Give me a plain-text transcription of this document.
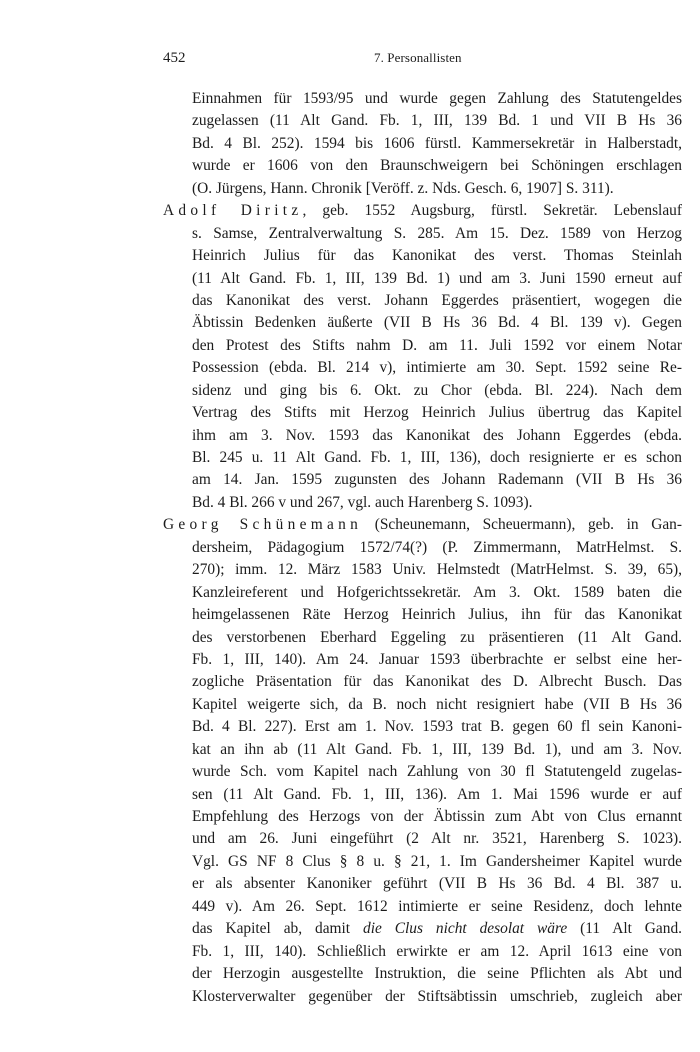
452	7. Personallisten
Einnahmen für 1593/95 und wurde gegen Zahlung des Statutengeldes
zugelassen (11 Alt Gand. Fb. 1, III, 139 Bd. 1 und VII B Hs 36
Bd. 4 Bl. 252). 1594 bis 1606 fürstl. Kammersekretär in Halberstadt,
wurde er 1606 von den Braunschweigern bei Schöningen erschlagen
(O. Jürgens, Hann. Chronik [Veröff. z. Nds. Gesch. 6, 1907] S. 311).
Adolf Diritz, geb. 1552 Augsburg, fürstl. Sekretär. Lebenslauf
s. Samse, Zentralverwaltung S. 285. Am 15. Dez. 1589 von Herzog
Heinrich Julius für das Kanonikat des verst. Thomas Steinlah
(11 Alt Gand. Fb. 1, III, 139 Bd. 1) und am 3. Juni 1590 erneut auf
das Kanonikat des verst. Johann Eggerdes präsentiert, wogegen die
Äbtissin Bedenken äußerte (VII B Hs 36 Bd. 4 Bl. 139 v). Gegen
den Protest des Stifts nahm D. am 11. Juli 1592 vor einem Notar
Possession (ebda. Bl. 214 v), intimierte am 30. Sept. 1592 seine Re-
sidenz und ging bis 6. Okt. zu Chor (ebda. Bl. 224). Nach dem
Vertrag des Stifts mit Herzog Heinrich Julius übertrug das Kapitel
ihm am 3. Nov. 1593 das Kanonikat des Johann Eggerdes (ebda.
Bl. 245 u. 11 Alt Gand. Fb. 1, III, 136), doch resignierte er es schon
am 14. Jan. 1595 zugunsten des Johann Rademann (VII B Hs 36
Bd. 4 Bl. 266 v und 267, vgl. auch Harenberg S. 1093).
Georg Schünemann (Scheunemann, Scheuermann), geb. in Gan-
dersheim, Pädagogium 1572/74(?) (P. Zimmermann, MatrHelmst. S.
270); imm. 12. März 1583 Univ. Helmstedt (MatrHelmst. S. 39, 65),
Kanzleireferent und Hofgerichtssekretär. Am 3. Okt. 1589 baten die
heimgelassenen Räte Herzog Heinrich Julius, ihn für das Kanonikat
des verstorbenen Eberhard Eggeling zu präsentieren (11 Alt Gand.
Fb. 1, III, 140). Am 24. Januar 1593 überbrachte er selbst eine her-
zogliche Präsentation für das Kanonikat des D. Albrecht Busch. Das
Kapitel weigerte sich, da B. noch nicht resigniert habe (VII B Hs 36
Bd. 4 Bl. 227). Erst am 1. Nov. 1593 trat B. gegen 60 fl sein Kanoni-
kat an ihn ab (11 Alt Gand. Fb. 1, III, 139 Bd. 1), und am 3. Nov.
wurde Sch. vom Kapitel nach Zahlung von 30 fl Statutengeld zugelas-
sen (11 Alt Gand. Fb. 1, III, 136). Am 1. Mai 1596 wurde er auf
Empfehlung des Herzogs von der Äbtissin zum Abt von Clus ernannt
und am 26. Juni eingeführt (2 Alt nr. 3521, Harenberg S. 1023).
Vgl. GS NF 8 Clus § 8 u. § 21, 1. Im Gandersheimer Kapitel wurde
er als absenter Kanoniker geführt (VII B Hs 36 Bd. 4 Bl. 387 u.
449 v). Am 26. Sept. 1612 intimierte er seine Residenz, doch lehnte
das Kapitel ab, damit die Clus nicht desolat wäre (11 Alt Gand.
Fb. 1, III, 140). Schließlich erwirkte er am 12. April 1613 eine von
der Herzogin ausgestellte Instruktion, die seine Pflichten als Abt und
Klosterverwalter gegenüber der Stiftsäbtissin umschrieb, zugleich aber
